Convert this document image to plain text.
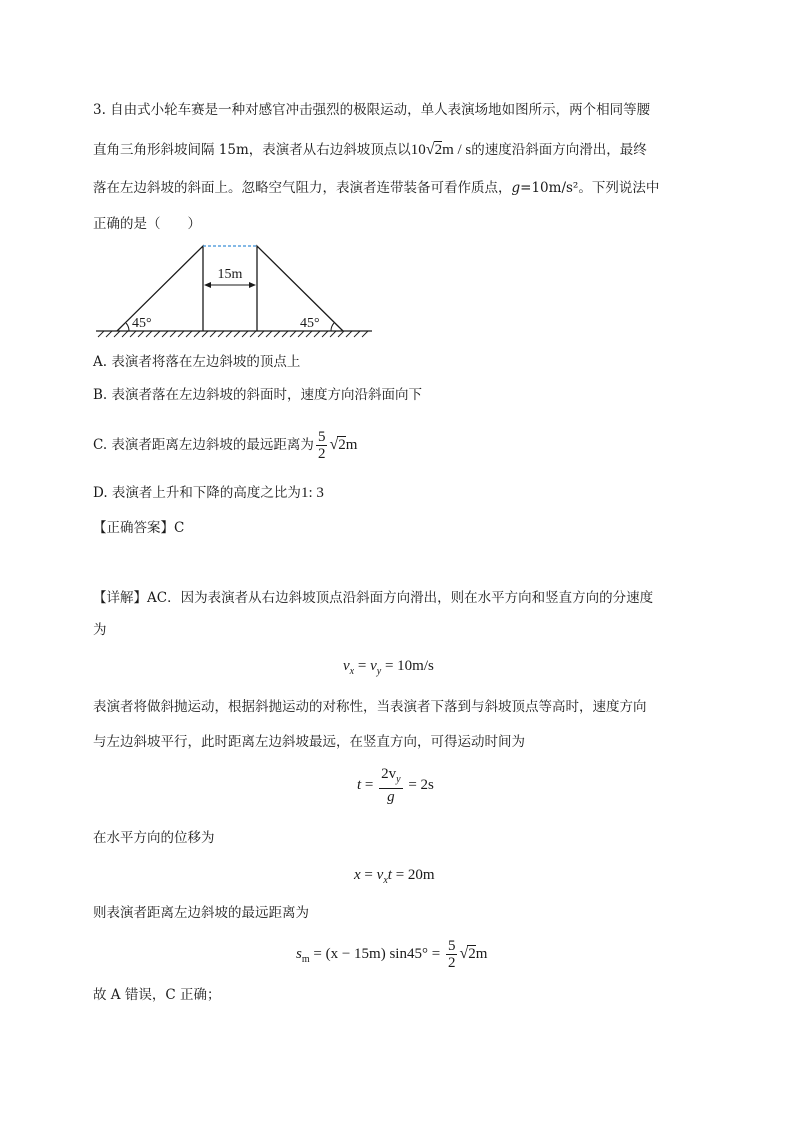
3. 自由式小轮车赛是一种对感官冲击强烈的极限运动，单人表演场地如图所示，两个相同等腰
直角三角形斜坡间隔 15m，表演者从右边斜坡顶点以10√2m / s的速度沿斜面方向滑出，最终
落在左边斜坡的斜面上。忽略空气阻力，表演者连带装备可看作质点，g=10m/s²。下列说法中
正确的是（　　）
15m
45°	45°
A. 表演者将落在左边斜坡的顶点上
B. 表演者落在左边斜坡的斜面时，速度方向沿斜面向下
C. 表演者距离左边斜坡的最远距离为 $\frac{5}{2} √2m$
D. 表演者上升和下降的高度之比为1: 3
【正确答案】C
【详解】AC．因为表演者从右边斜坡顶点沿斜面方向滑出，则在水平方向和竖直方向的分速度
为
$v_x = v_y = 10m/s$
表演者将做斜抛运动，根据斜抛运动的对称性，当表演者下落到与斜坡顶点等高时，速度方向
与左边斜坡平行，此时距离左边斜坡最远，在竖直方向，可得运动时间为
$t = \frac{2v_y}{g} = 2s$
在水平方向的位移为
$x = v_xt = 20m$
则表演者距离左边斜坡的最远距离为
$s_m = (x - 15m) \sin 45^\circ = \frac{5}{2} √2m$
故 A 错误，C 正确；
